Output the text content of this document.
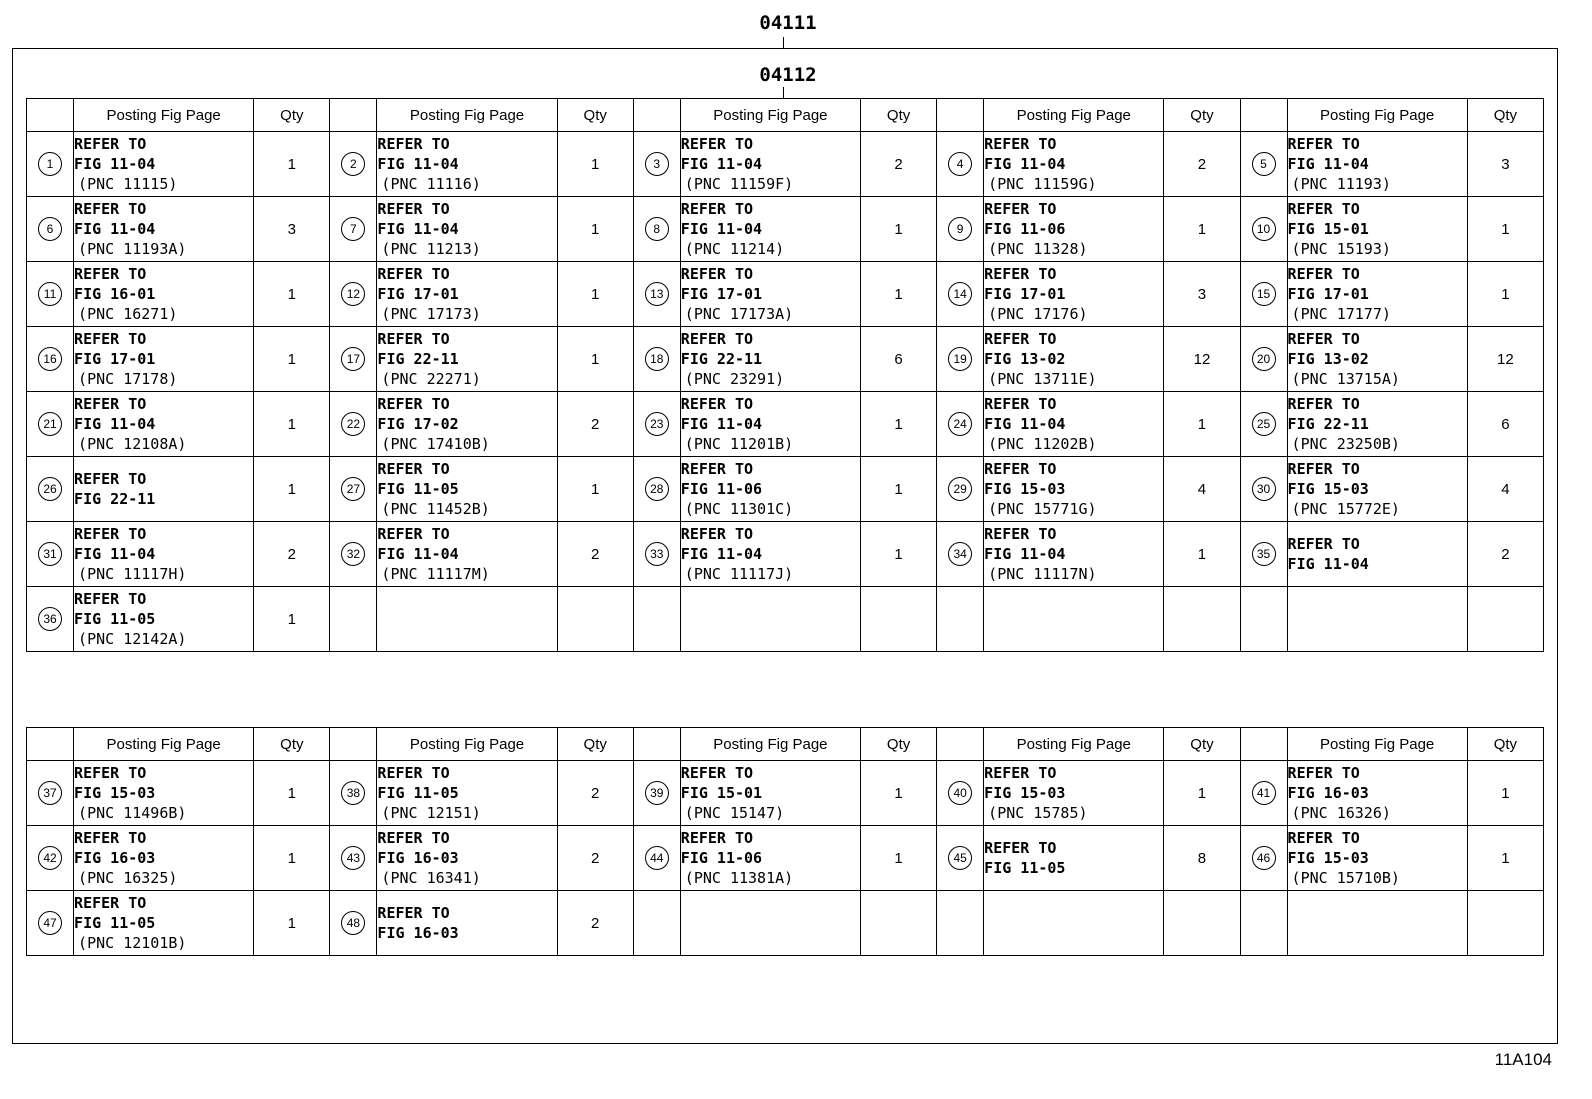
04111
04112
	Posting Fig Page	Qty		Posting Fig Page	Qty		Posting Fig Page	Qty		Posting Fig Page	Qty		Posting Fig Page	Qty
1	REFER TO
FIG 11-04
(PNC 11115)	1	2	REFER TO
FIG 11-04
(PNC 11116)	1	3	REFER TO
FIG 11-04
(PNC 11159F)	2	4	REFER TO
FIG 11-04
(PNC 11159G)	2	5	REFER TO
FIG 11-04
(PNC 11193)	3
6	REFER TO
FIG 11-04
(PNC 11193A)	3	7	REFER TO
FIG 11-04
(PNC 11213)	1	8	REFER TO
FIG 11-04
(PNC 11214)	1	9	REFER TO
FIG 11-06
(PNC 11328)	1	10	REFER TO
FIG 15-01
(PNC 15193)	1
11	REFER TO
FIG 16-01
(PNC 16271)	1	12	REFER TO
FIG 17-01
(PNC 17173)	1	13	REFER TO
FIG 17-01
(PNC 17173A)	1	14	REFER TO
FIG 17-01
(PNC 17176)	3	15	REFER TO
FIG 17-01
(PNC 17177)	1
16	REFER TO
FIG 17-01
(PNC 17178)	1	17	REFER TO
FIG 22-11
(PNC 22271)	1	18	REFER TO
FIG 22-11
(PNC 23291)	6	19	REFER TO
FIG 13-02
(PNC 13711E)	12	20	REFER TO
FIG 13-02
(PNC 13715A)	12
21	REFER TO
FIG 11-04
(PNC 12108A)	1	22	REFER TO
FIG 17-02
(PNC 17410B)	2	23	REFER TO
FIG 11-04
(PNC 11201B)	1	24	REFER TO
FIG 11-04
(PNC 11202B)	1	25	REFER TO
FIG 22-11
(PNC 23250B)	6
26	REFER TO
FIG 22-11	1	27	REFER TO
FIG 11-05
(PNC 11452B)	1	28	REFER TO
FIG 11-06
(PNC 11301C)	1	29	REFER TO
FIG 15-03
(PNC 15771G)	4	30	REFER TO
FIG 15-03
(PNC 15772E)	4
31	REFER TO
FIG 11-04
(PNC 11117H)	2	32	REFER TO
FIG 11-04
(PNC 11117M)	2	33	REFER TO
FIG 11-04
(PNC 11117J)	1	34	REFER TO
FIG 11-04
(PNC 11117N)	1	35	REFER TO
FIG 11-04	2
36	REFER TO
FIG 11-05
(PNC 12142A)	1												
	Posting Fig Page	Qty		Posting Fig Page	Qty		Posting Fig Page	Qty		Posting Fig Page	Qty		Posting Fig Page	Qty
37	REFER TO
FIG 15-03
(PNC 11496B)	1	38	REFER TO
FIG 11-05
(PNC 12151)	2	39	REFER TO
FIG 15-01
(PNC 15147)	1	40	REFER TO
FIG 15-03
(PNC 15785)	1	41	REFER TO
FIG 16-03
(PNC 16326)	1
42	REFER TO
FIG 16-03
(PNC 16325)	1	43	REFER TO
FIG 16-03
(PNC 16341)	2	44	REFER TO
FIG 11-06
(PNC 11381A)	1	45	REFER TO
FIG 11-05	8	46	REFER TO
FIG 15-03
(PNC 15710B)	1
47	REFER TO
FIG 11-05
(PNC 12101B)	1	48	REFER TO
FIG 16-03	2									
11A104
